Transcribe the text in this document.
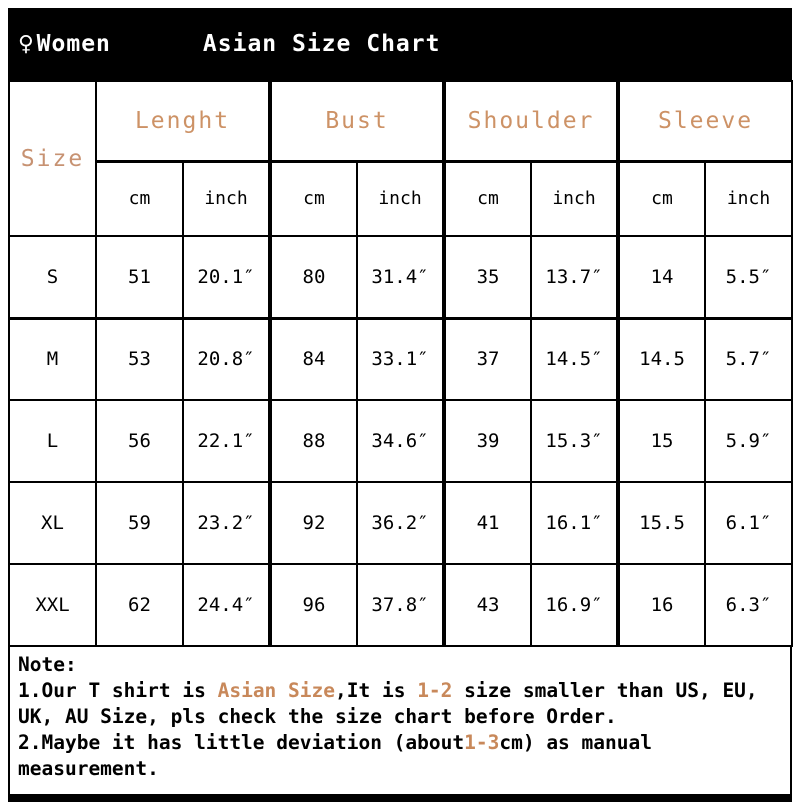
♀ Women	Asian Size Chart
Size	Lenght		Bust		Shoulder		Sleeve	
	cm	inch	cm	inch	cm	inch	cm	inch
S	51	20.1″	80	31.4″	35	13.7″	14	5.5″
M	53	20.8″	84	33.1″	37	14.5″	14.5	5.7″
L	56	22.1″	88	34.6″	39	15.3″	15	5.9″
XL	59	23.2″	92	36.2″	41	16.1″	15.5	6.1″
XXL	62	24.4″	96	37.8″	43	16.9″	16	6.3″
Note:
1.Our T shirt is Asian Size,It is 1-2 size smaller than US, EU,
UK, AU Size, pls check the size chart before Order.
2.Maybe it has little deviation (about1-3cm) as manual
measurement.
